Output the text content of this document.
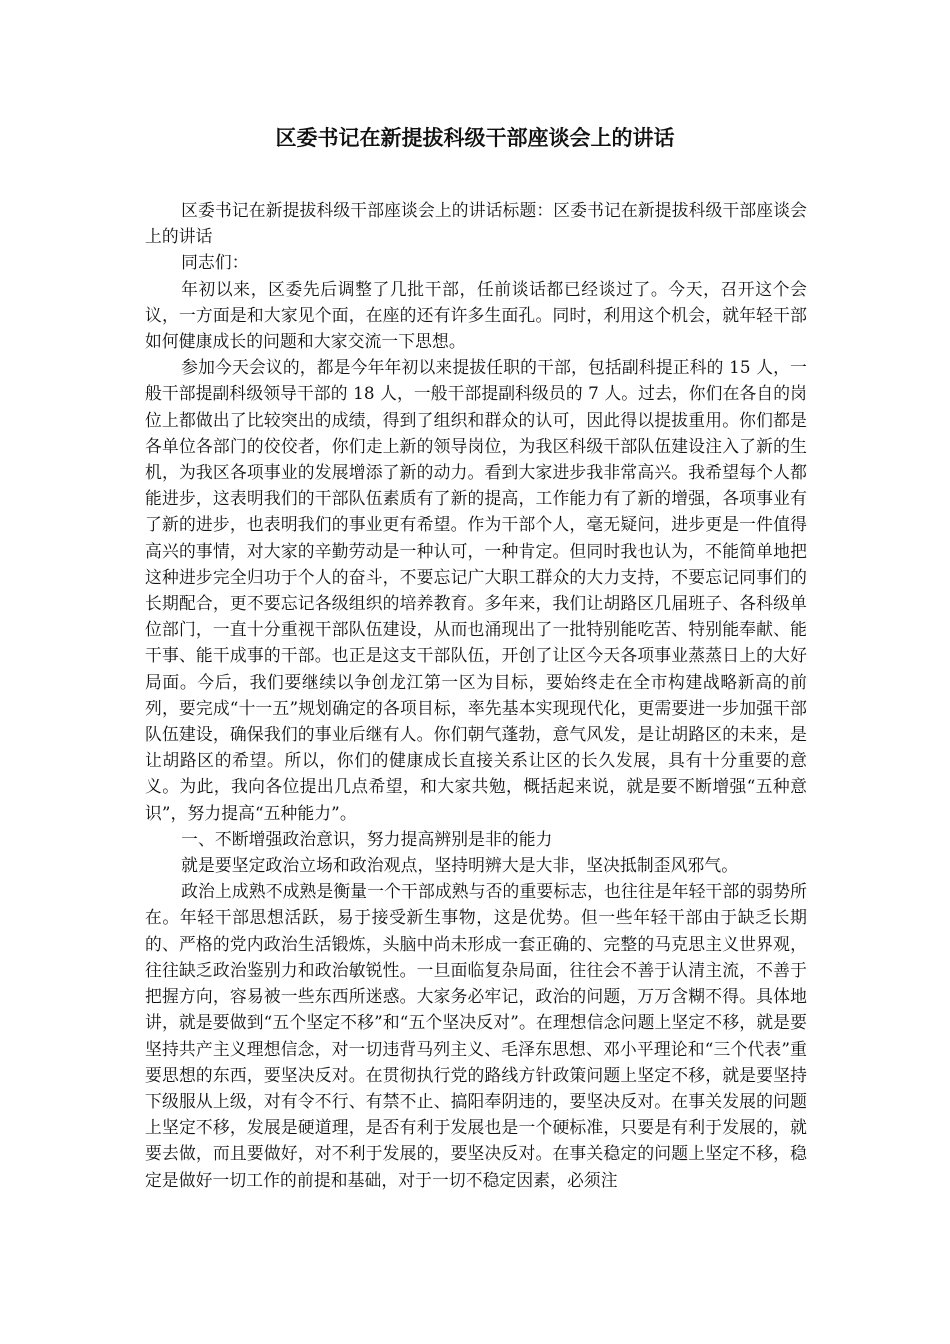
区委书记在新提拔科级干部座谈会上的讲话

区委书记在新提拔科级干部座谈会上的讲话标题：区委书记在新提拔科级干部座谈会上的讲话

同志们：

年初以来，区委先后调整了几批干部，任前谈话都已经谈过了。今天，召开这个会议，一方面是和大家见个面，在座的还有许多生面孔。同时，利用这个机会，就年轻干部如何健康成长的问题和大家交流一下思想。

参加今天会议的，都是今年年初以来提拔任职的干部，包括副科提正科的 15 人，一般干部提副科级领导干部的 18 人，一般干部提副科级员的 7 人。过去，你们在各自的岗位上都做出了比较突出的成绩，得到了组织和群众的认可，因此得以提拔重用。你们都是各单位各部门的佼佼者，你们走上新的领导岗位，为我区科级干部队伍建设注入了新的生机，为我区各项事业的发展增添了新的动力。看到大家进步我非常高兴。我希望每个人都能进步，这表明我们的干部队伍素质有了新的提高，工作能力有了新的增强，各项事业有了新的进步，也表明我们的事业更有希望。作为干部个人，毫无疑问，进步更是一件值得高兴的事情，对大家的辛勤劳动是一种认可，一种肯定。但同时我也认为，不能简单地把这种进步完全归功于个人的奋斗，不要忘记广大职工群众的大力支持，不要忘记同事们的长期配合，更不要忘记各级组织的培养教育。多年来，我们让胡路区几届班子、各科级单位部门，一直十分重视干部队伍建设，从而也涌现出了一批特别能吃苦、特别能奉献、能干事、能干成事的干部。也正是这支干部队伍，开创了让区今天各项事业蒸蒸日上的大好局面。今后，我们要继续以争创龙江第一区为目标，要始终走在全市构建战略新高的前列，要完成“十一五”规划确定的各项目标，率先基本实现现代化，更需要进一步加强干部队伍建设，确保我们的事业后继有人。你们朝气蓬勃，意气风发，是让胡路区的未来，是让胡路区的希望。所以，你们的健康成长直接关系让区的长久发展，具有十分重要的意义。为此，我向各位提出几点希望，和大家共勉，概括起来说，就是要不断增强“五种意识”，努力提高“五种能力”。

一、不断增强政治意识，努力提高辨别是非的能力

就是要坚定政治立场和政治观点，坚持明辨大是大非，坚决抵制歪风邪气。

政治上成熟不成熟是衡量一个干部成熟与否的重要标志，也往往是年轻干部的弱势所在。年轻干部思想活跃，易于接受新生事物，这是优势。但一些年轻干部由于缺乏长期的、严格的党内政治生活锻炼，头脑中尚未形成一套正确的、完整的马克思主义世界观，往往缺乏政治鉴别力和政治敏锐性。一旦面临复杂局面，往往会不善于认清主流，不善于把握方向，容易被一些东西所迷惑。大家务必牢记，政治的问题，万万含糊不得。具体地讲，就是要做到“五个坚定不移”和“五个坚决反对”。在理想信念问题上坚定不移，就是要坚持共产主义理想信念，对一切违背马列主义、毛泽东思想、邓小平理论和“三个代表”重要思想的东西，要坚决反对。在贯彻执行党的路线方针政策问题上坚定不移，就是要坚持下级服从上级，对有令不行、有禁不止、搞阳奉阴违的，要坚决反对。在事关发展的问题上坚定不移，发展是硬道理，是否有利于发展也是一个硬标准，只要是有利于发展的，就要去做，而且要做好，对不利于发展的，要坚决反对。在事关稳定的问题上坚定不移，稳定是做好一切工作的前提和基础，对于一切不稳定因素，必须注
